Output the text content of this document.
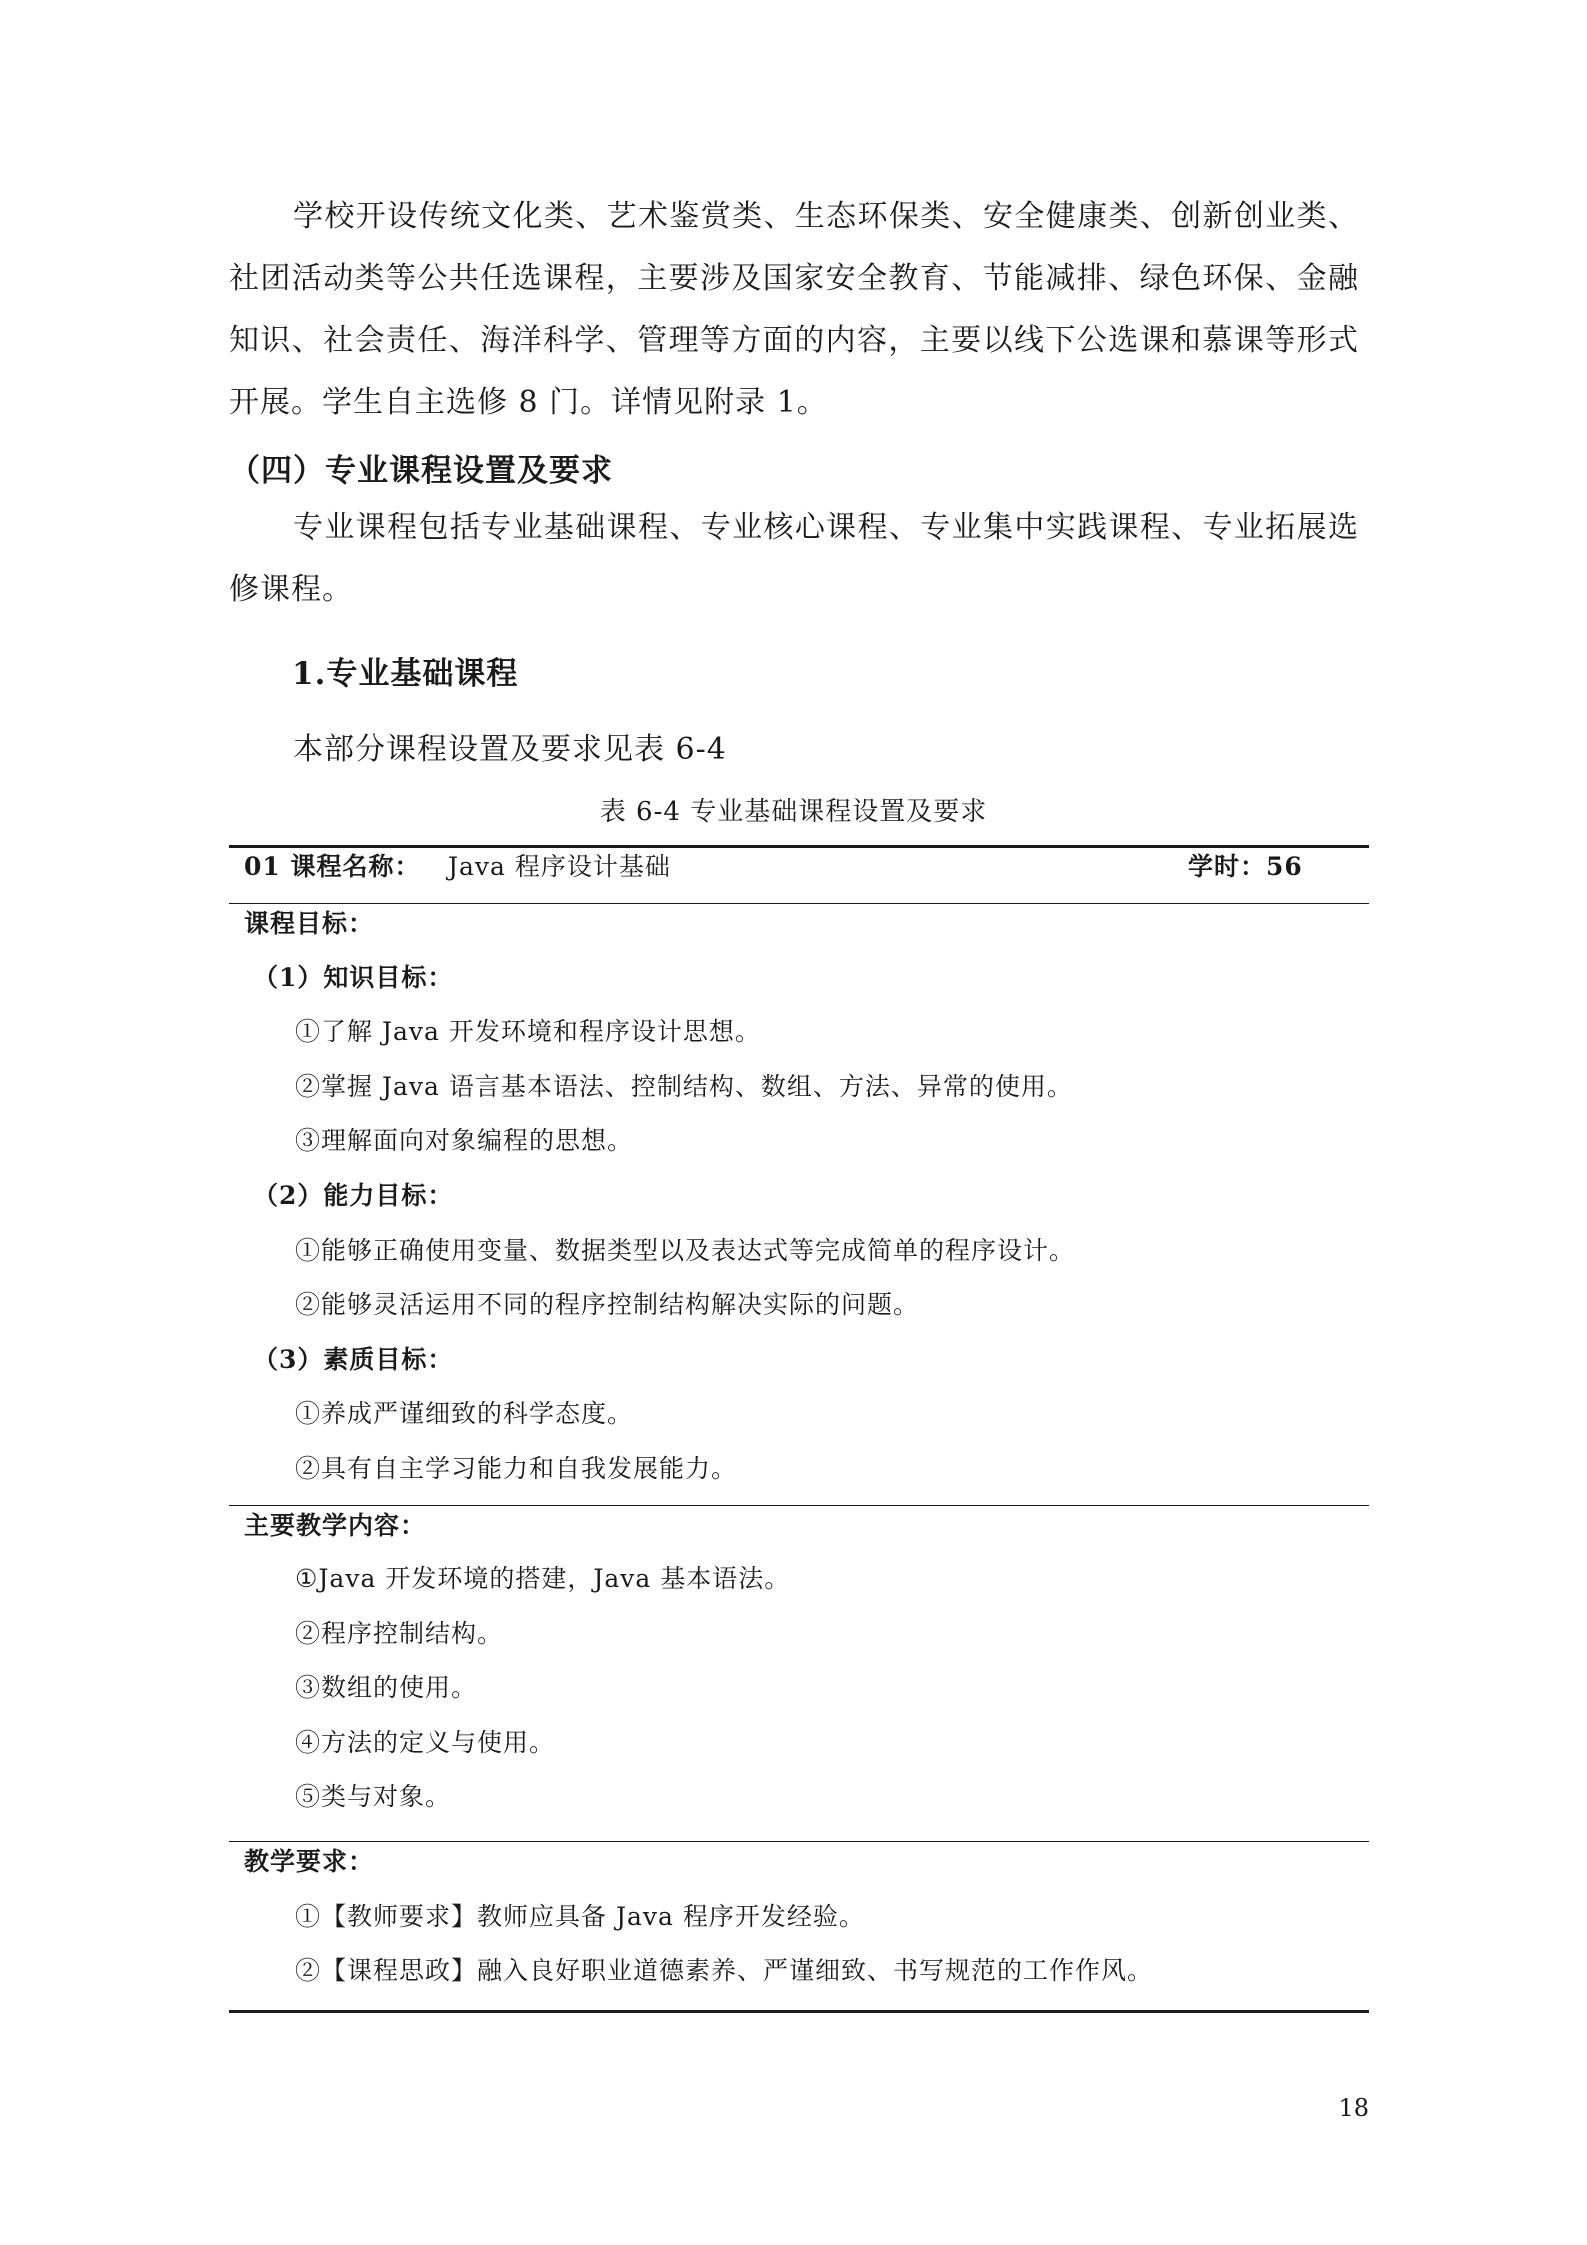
学校开设传统文化类、艺术鉴赏类、生态环保类、安全健康类、创新创业类、社团活动类等公共任选课程，主要涉及国家安全教育、节能减排、绿色环保、金融知识、社会责任、海洋科学、管理等方面的内容，主要以线下公选课和慕课等形式开展。学生自主选修 8 门。详情见附录 1。

（四）专业课程设置及要求

专业课程包括专业基础课程、专业核心课程、专业集中实践课程、专业拓展选修课程。

1.专业基础课程
本部分课程设置及要求见表 6-4
表 6-4 专业基础课程设置及要求
01 课程名称： Java 程序设计基础	学时：56
课程目标：
（1）知识目标：
①了解 Java 开发环境和程序设计思想。
②掌握 Java 语言基本语法、控制结构、数组、方法、异常的使用。
③理解面向对象编程的思想。
（2）能力目标：
①能够正确使用变量、数据类型以及表达式等完成简单的程序设计。
②能够灵活运用不同的程序控制结构解决实际的问题。
（3）素质目标：
①养成严谨细致的科学态度。
②具有自主学习能力和自我发展能力。
主要教学内容：
①Java 开发环境的搭建，Java 基本语法。
②程序控制结构。
③数组的使用。
④方法的定义与使用。
⑤类与对象。
教学要求：
①【教师要求】教师应具备 Java 程序开发经验。
②【课程思政】融入良好职业道德素养、严谨细致、书写规范的工作作风。
18
